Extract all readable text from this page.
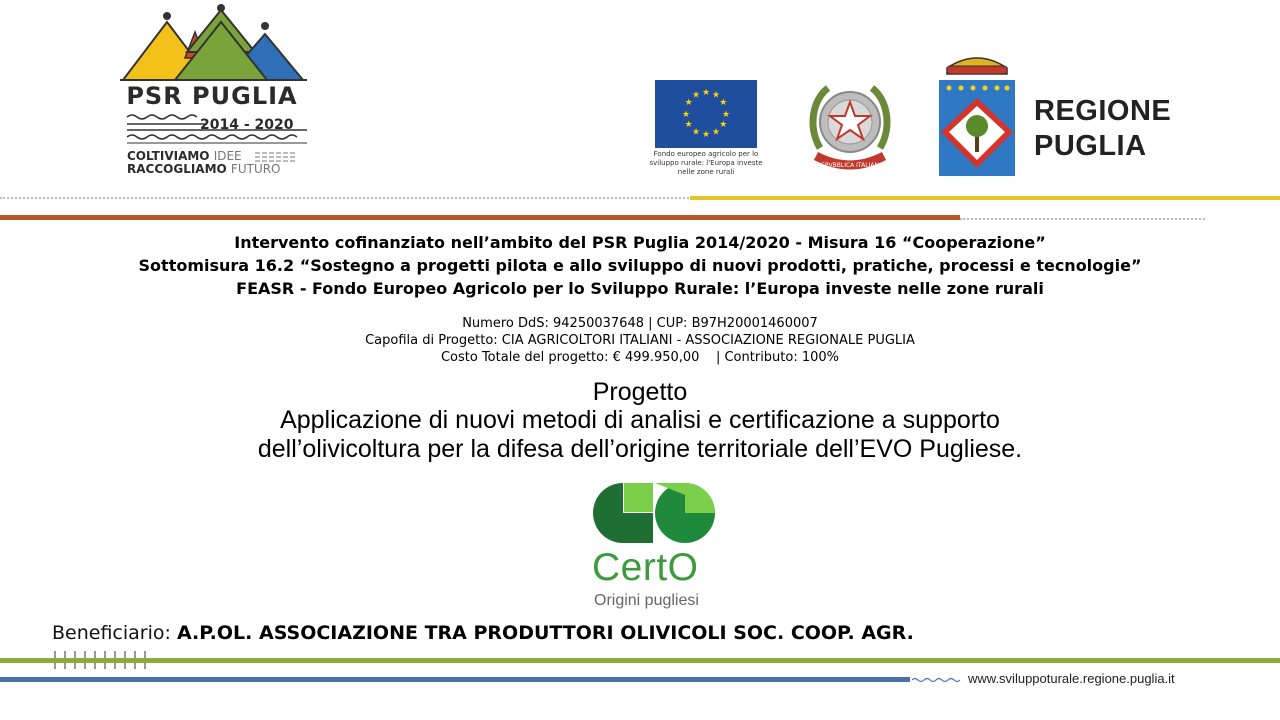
PSR PUGLIA
2014 - 2020
COLTIVIAMO IDEE
RACCOGLIAMO FUTURO
★ ★
★
★
★
★
★
★
★
★
★
★
Fondo europeo agricolo per lo sviluppo rurale: l'Europa investe nelle zone rurali
REPVBBLICA ITALIANA
REGIONE
PUGLIA
Intervento cofinanziato nell’ambito del PSR Puglia 2014/2020 - Misura 16 “Cooperazione”
Sottomisura 16.2 “Sostegno a progetti pilota e allo sviluppo di nuovi prodotti, pratiche, processi e tecnologie”
FEASR - Fondo Europeo Agricolo per lo Sviluppo Rurale: l’Europa investe nelle zone rurali
Numero DdS: 94250037648 | CUP: B97H20001460007
Capofila di Progetto: CIA AGRICOLTORI ITALIANI - ASSOCIAZIONE REGIONALE PUGLIA
Costo Totale del progetto: € 499.950,00    | Contributo: 100%
Progetto
Applicazione di nuovi metodi di analisi e certificazione a supporto
dell’olivicoltura per la difesa dell’origine territoriale dell’EVO Pugliese.
CertO
Origini pugliesi
Beneficiario: A.P.OL. ASSOCIAZIONE TRA PRODUTTORI OLIVICOLI SOC. COOP. AGR.
www.sviluppoturale.regione.puglia.it
